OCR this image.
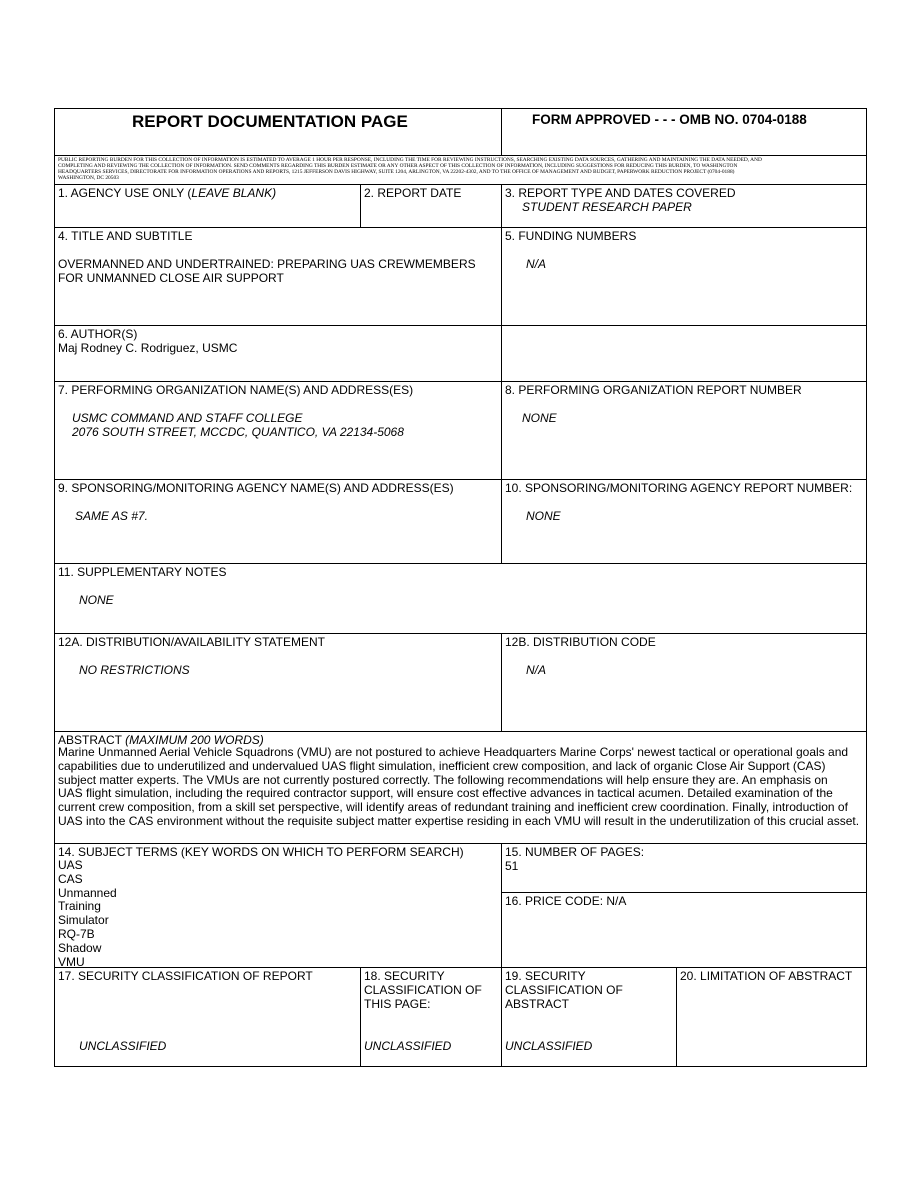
REPORT DOCUMENTATION PAGE	FORM APPROVED - - - OMB NO. 0704-0188
PUBLIC REPORTING BURDEN FOR THIS COLLECTION OF INFORMATION IS ESTIMATED TO AVERAGE 1 HOUR PER RESPONSE, INCLUDING THE TIME FOR REVIEWING INSTRUCTIONS, SEARCHING EXISTING DATA SOURCES, GATHERING AND MAINTAINING THE DATA NEEDED, AND
COMPLETING AND REVIEWING THE COLLECTION OF INFORMATION. SEND COMMENTS REGARDING THIS BURDEN ESTIMATE OR ANY OTHER ASPECT OF THIS COLLECTION OF INFORMATION, INCLUDING SUGGESTIONS FOR REDUCING THIS BURDEN, TO WASHINGTON
HEADQUARTERS SERVICES, DIRECTORATE FOR INFORMATION OPERATIONS AND REPORTS, 1215 JEFFERSON DAVIS HIGHWAY, SUITE 1204, ARLINGTON, VA 22202-4302, AND TO THE OFFICE OF MANAGEMENT AND BUDGET, PAPERWORK REDUCTION PROJECT (0704-0188)
WASHINGTON, DC 20503
1. AGENCY USE ONLY (LEAVE BLANK)	2. REPORT DATE	3. REPORT TYPE AND DATES COVERED
STUDENT RESEARCH PAPER
4. TITLE AND SUBTITLE
OVERMANNED AND UNDERTRAINED: PREPARING UAS CREWMEMBERS
FOR UNMANNED CLOSE AIR SUPPORT
5. FUNDING NUMBERS
N/A
6. AUTHOR(S)
Maj Rodney C. Rodriguez, USMC
7. PERFORMING ORGANIZATION NAME(S) AND ADDRESS(ES)
USMC COMMAND AND STAFF COLLEGE
2076 SOUTH STREET, MCCDC, QUANTICO, VA 22134-5068
8. PERFORMING ORGANIZATION REPORT NUMBER
NONE
9. SPONSORING/MONITORING AGENCY NAME(S) AND ADDRESS(ES)
SAME AS #7.
10. SPONSORING/MONITORING AGENCY REPORT NUMBER:
NONE
11. SUPPLEMENTARY NOTES
NONE
12A. DISTRIBUTION/AVAILABILITY STATEMENT
NO RESTRICTIONS
12B. DISTRIBUTION CODE
N/A
ABSTRACT (MAXIMUM 200 WORDS)
Marine Unmanned Aerial Vehicle Squadrons (VMU) are not postured to achieve Headquarters Marine Corps' newest tactical or operational goals and
capabilities due to underutilized and undervalued UAS flight simulation, inefficient crew composition, and lack of organic Close Air Support (CAS)
subject matter experts. The VMUs are not currently postured correctly. The following recommendations will help ensure they are. An emphasis on
UAS flight simulation, including the required contractor support, will ensure cost effective advances in tactical acumen. Detailed examination of the
current crew composition, from a skill set perspective, will identify areas of redundant training and inefficient crew coordination. Finally, introduction of
UAS into the CAS environment without the requisite subject matter expertise residing in each VMU will result in the underutilization of this crucial asset.
14. SUBJECT TERMS (KEY WORDS ON WHICH TO PERFORM SEARCH)
UAS
CAS
Unmanned
Training
Simulator
RQ-7B
Shadow
VMU
15. NUMBER OF PAGES:
51
16. PRICE CODE: N/A
17. SECURITY CLASSIFICATION OF REPORT
UNCLASSIFIED
18. SECURITY
CLASSIFICATION OF
THIS PAGE:
UNCLASSIFIED
19. SECURITY
CLASSIFICATION OF
ABSTRACT
UNCLASSIFIED
20. LIMITATION OF ABSTRACT
